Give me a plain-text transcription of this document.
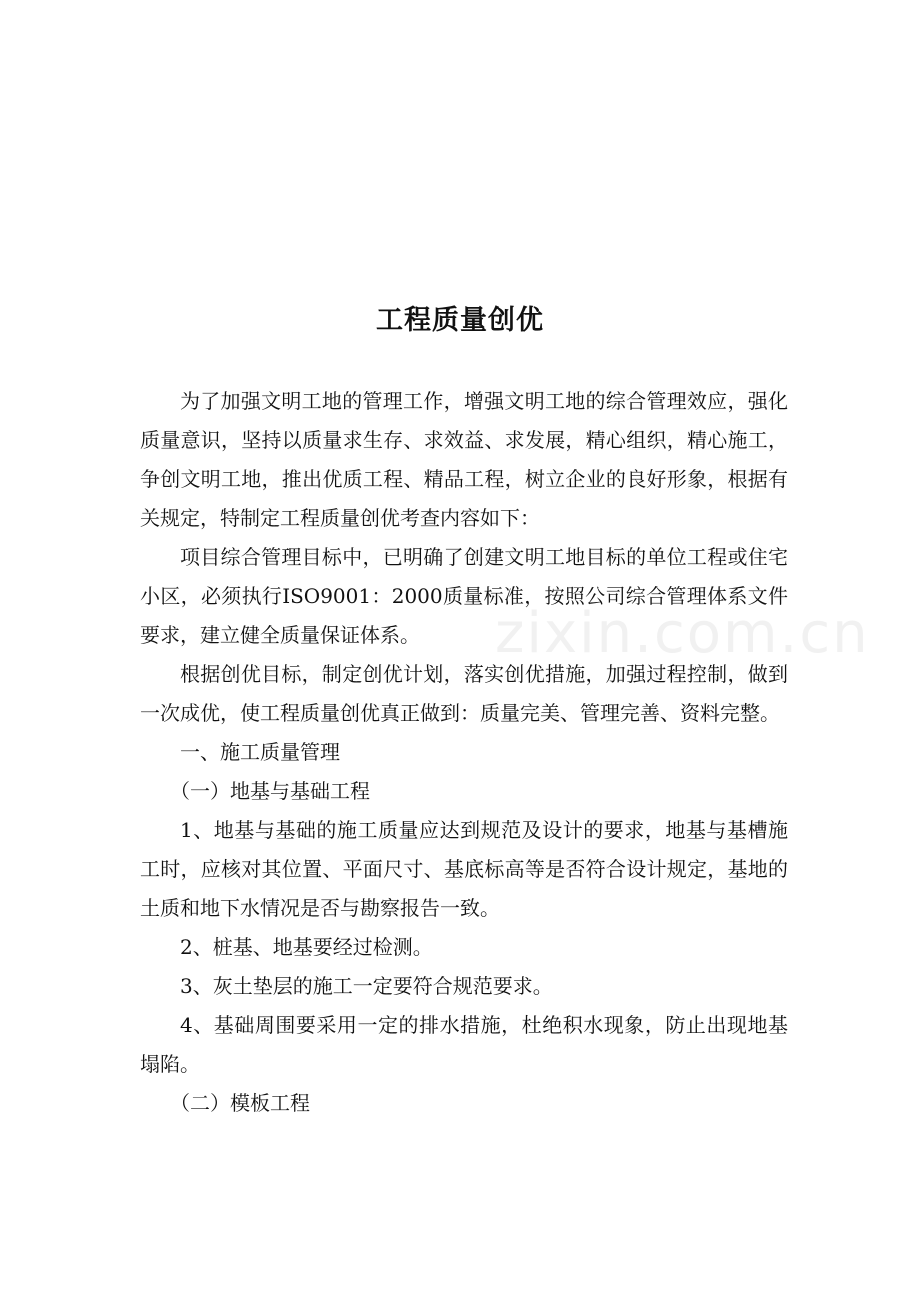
zixin.com.cn
工程质量创优

为了加强文明工地的管理工作，增强文明工地的综合管理效应，强化质量意识，坚持以质量求生存、求效益、求发展，精心组织，精心施工，争创文明工地，推出优质工程、精品工程，树立企业的良好形象，根据有关规定，特制定工程质量创优考查内容如下：

项目综合管理目标中，已明确了创建文明工地目标的单位工程或住宅小区，必须执行ISO9001：2000质量标准，按照公司综合管理体系文件要求，建立健全质量保证体系。

根据创优目标，制定创优计划，落实创优措施，加强过程控制，做到一次成优，使工程质量创优真正做到：质量完美、管理完善、资料完整。

一、施工质量管理

（一）地基与基础工程

1、地基与基础的施工质量应达到规范及设计的要求，地基与基槽施工时，应核对其位置、平面尺寸、基底标高等是否符合设计规定，基地的土质和地下水情况是否与勘察报告一致。

2、桩基、地基要经过检测。

3、灰土垫层的施工一定要符合规范要求。

4、基础周围要采用一定的排水措施，杜绝积水现象，防止出现地基塌陷。

（二）模板工程
